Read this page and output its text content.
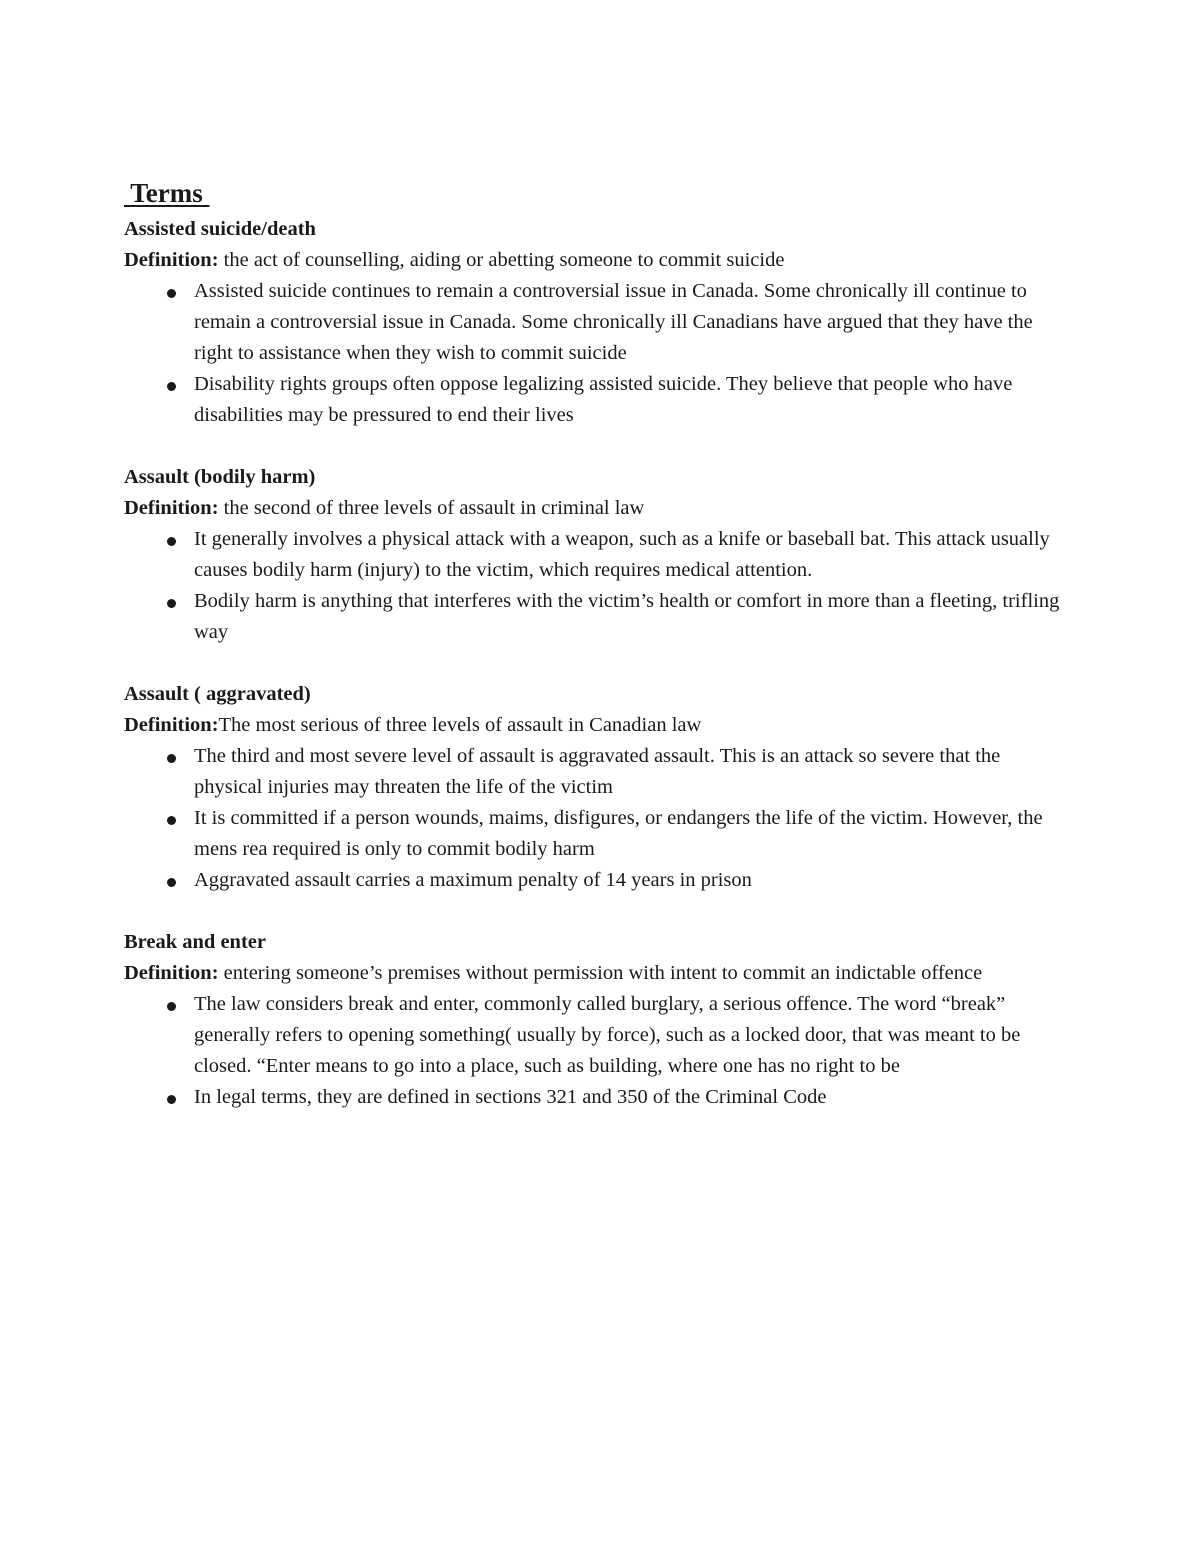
Terms

Assisted suicide/death

Definition: the act of counselling, aiding or abetting someone to commit suicide

Assisted suicide continues to remain a controversial issue in Canada. Some chronically ill continue to remain a controversial issue in Canada. Some chronically ill Canadians have argued that they have the right to assistance when they wish to commit suicide
Disability rights groups often oppose legalizing assisted suicide. They believe that people who have disabilities may be pressured to end their lives

Assault (bodily harm)

Definition: the second of three levels of assault in criminal law

It generally involves a physical attack with a weapon, such as a knife or baseball bat. This attack usually causes bodily harm (injury) to the victim, which requires medical attention.
Bodily harm is anything that interferes with the victim’s health or comfort in more than a fleeting, trifling way

Assault ( aggravated)

Definition:The most serious of three levels of assault in Canadian law

The third and most severe level of assault is aggravated assault. This is an attack so severe that the physical injuries may threaten the life of the victim
It is committed if a person wounds, maims, disfigures, or endangers the life of the victim. However, the mens rea required is only to commit bodily harm
Aggravated assault carries a maximum penalty of 14 years in prison

Break and enter

Definition: entering someone’s premises without permission with intent to commit an indictable offence

The law considers break and enter, commonly called burglary, a serious offence. The word “break” generally refers to opening something( usually by force), such as a locked door, that was meant to be closed. “Enter means to go into a place, such as building, where one has no right to be
In legal terms, they are defined in sections 321 and 350 of the Criminal Code
